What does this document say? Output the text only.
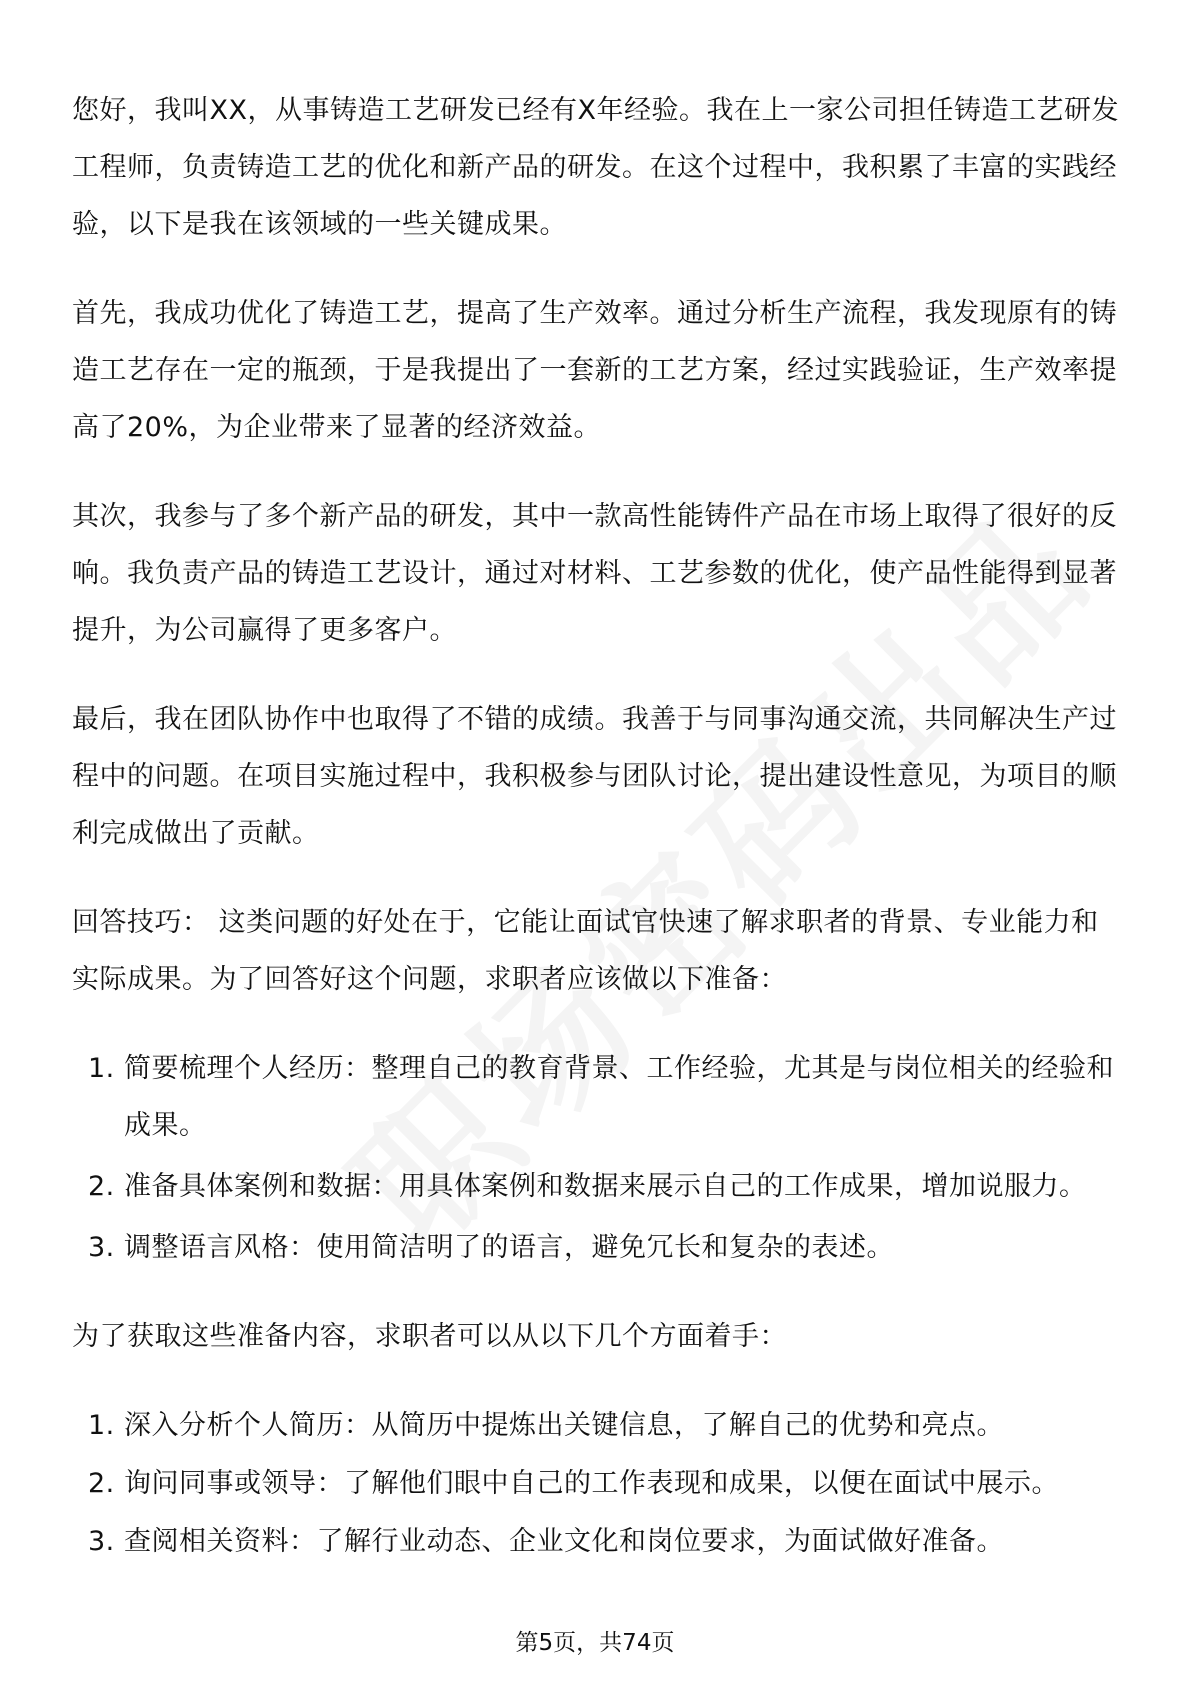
您好，我叫XX，从事铸造工艺研发已经有X年经验。我在上一家公司担任铸造工艺研发工程师，负责铸造工艺的优化和新产品的研发。在这个过程中，我积累了丰富的实践经验，以下是我在该领域的一些关键成果。

首先，我成功优化了铸造工艺，提高了生产效率。通过分析生产流程，我发现原有的铸造工艺存在一定的瓶颈，于是我提出了一套新的工艺方案，经过实践验证，生产效率提高了20%，为企业带来了显著的经济效益。

其次，我参与了多个新产品的研发，其中一款高性能铸件产品在市场上取得了很好的反响。我负责产品的铸造工艺设计，通过对材料、工艺参数的优化，使产品性能得到显著提升，为公司赢得了更多客户。

最后，我在团队协作中也取得了不错的成绩。我善于与同事沟通交流，共同解决生产过程中的问题。在项目实施过程中，我积极参与团队讨论，提出建设性意见，为项目的顺利完成做出了贡献。

回答技巧： 这类问题的好处在于，它能让面试官快速了解求职者的背景、专业能力和实际成果。为了回答好这个问题，求职者应该做以下准备：

1. 简要梳理个人经历：整理自己的教育背景、工作经验，尤其是与岗位相关的经验和成果。
2. 准备具体案例和数据：用具体案例和数据来展示自己的工作成果，增加说服力。
3. 调整语言风格：使用简洁明了的语言，避免冗长和复杂的表述。

为了获取这些准备内容，求职者可以从以下几个方面着手：

1. 深入分析个人简历：从简历中提炼出关键信息，了解自己的优势和亮点。
2. 询问同事或领导：了解他们眼中自己的工作表现和成果，以便在面试中展示。
3. 查阅相关资料：了解行业动态、企业文化和岗位要求，为面试做好准备。
第5页，共74页
